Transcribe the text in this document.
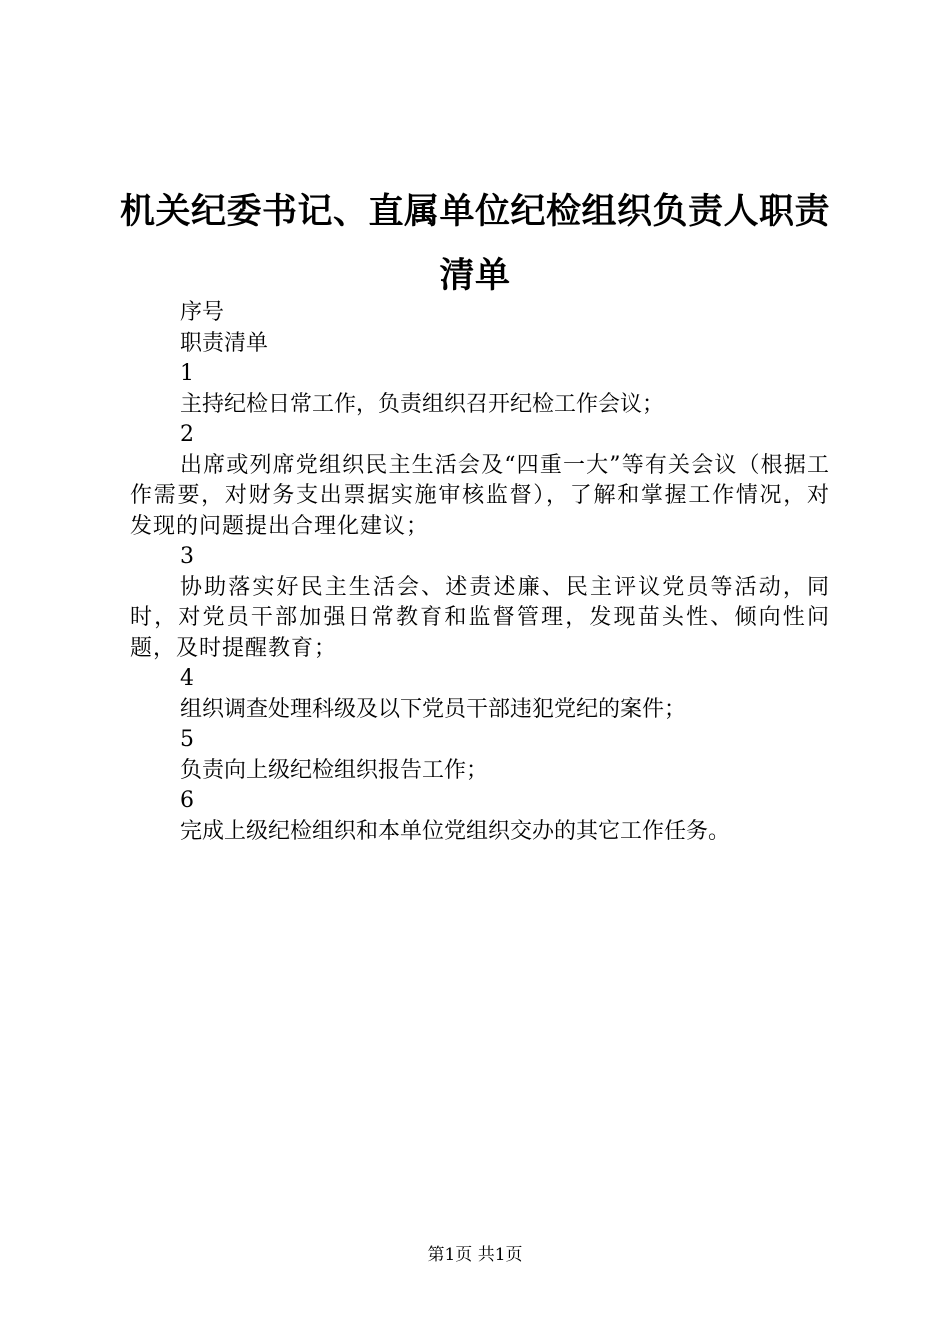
机关纪委书记、直属单位纪检组织负责人职责
清单

序号

职责清单

1

主持纪检日常工作，负责组织召开纪检工作会议；

2

出席或列席党组织民主生活会及“四重一大”等有关会议（根据工作需要，对财务支出票据实施审核监督），了解和掌握工作情况，对发现的问题提出合理化建议；

3

协助落实好民主生活会、述责述廉、民主评议党员等活动，同时，对党员干部加强日常教育和监督管理，发现苗头性、倾向性问题，及时提醒教育；

4

组织调查处理科级及以下党员干部违犯党纪的案件；

5

负责向上级纪检组织报告工作；

6

完成上级纪检组织和本单位党组织交办的其它工作任务。

第1页 共1页
